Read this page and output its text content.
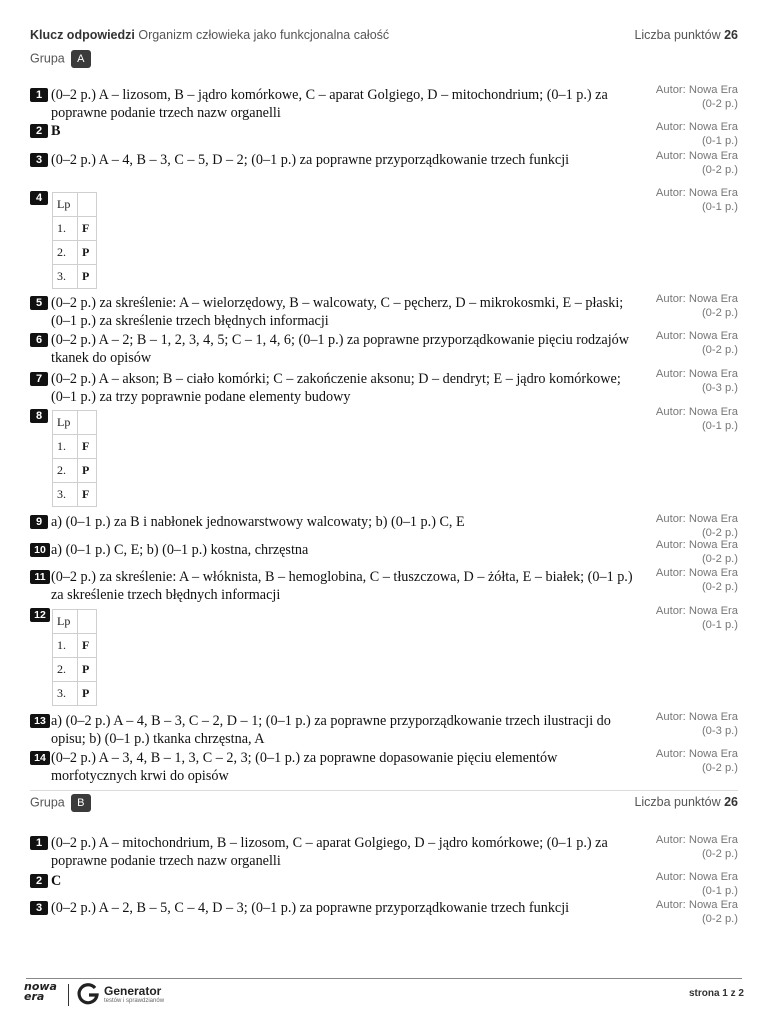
Klucz odpowiedzi Organizm człowieka jako funkcjonalna całość	Liczba punktów 26
Grupa A
1 (0–2 p.) A – lizosom, B – jądro komórkowe, C – aparat Golgiego, D – mitochondrium; (0–1 p.) za poprawne podanie trzech nazw organelli
Autor: Nowa Era
(0-2 p.)
2 B	Autor: Nowa Era
(0-1 p.)
3 (0–2 p.) A – 4, B – 3, C – 5, D – 2; (0–1 p.) za poprawne przyporządkowanie trzech funkcji	Autor: Nowa Era
(0-2 p.)
4	Lp	
1.	F
2.	P
3.	P
Autor: Nowa Era
(0-1 p.)
5 (0–2 p.) za skreślenie: A – wielorzędowy, B – walcowaty, C – pęcherz, D – mikrokosmki, E – płaski; (0–1 p.) za skreślenie trzech błędnych informacji
Autor: Nowa Era
(0-2 p.)
6 (0–2 p.) A – 2; B – 1, 2, 3, 4, 5; C – 1, 4, 6; (0–1 p.) za poprawne przyporządkowanie pięciu rodzajów tkanek do opisów
Autor: Nowa Era
(0-2 p.)
7 (0–2 p.) A – akson; B – ciało komórki; C – zakończenie aksonu; D – dendryt; E – jądro komórkowe; (0–1 p.) za trzy poprawnie podane elementy budowy
Autor: Nowa Era
(0-3 p.)
8	Lp	
1.	F
2.	P
3.	F
Autor: Nowa Era
(0-1 p.)
9 a) (0–1 p.) za B i nabłonek jednowarstwowy walcowaty; b) (0–1 p.) C, E	Autor: Nowa Era
(0-2 p.)
10 a) (0–1 p.) C, E; b) (0–1 p.) kostna, chrzęstna	Autor: Nowa Era
(0-2 p.)
11 (0–2 p.) za skreślenie: A – włóknista, B – hemoglobina, C – tłuszczowa, D – żółta, E – białek; (0–1 p.) za skreślenie trzech błędnych informacji
Autor: Nowa Era
(0-2 p.)
12 Lp	
1.	F
2.	P
3.	P
Autor: Nowa Era
(0-1 p.)
13 a) (0–2 p.) A – 4, B – 3, C – 2, D – 1; (0–1 p.) za poprawne przyporządkowanie trzech ilustracji do opisu; b) (0–1 p.) tkanka chrzęstna, A
Autor: Nowa Era
(0-3 p.)
14 (0–2 p.) A – 3, 4, B – 1, 3, C – 2, 3; (0–1 p.) za poprawne dopasowanie pięciu elementów morfotycznych krwi do opisów
Autor: Nowa Era
(0-2 p.)
Grupa B	Liczba punktów 26
1 (0–2 p.) A – mitochondrium, B – lizosom, C – aparat Golgiego, D – jądro komórkowe; (0–1 p.) za poprawne podanie trzech nazw organelli
Autor: Nowa Era
(0-2 p.)
2 C	Autor: Nowa Era
(0-1 p.)
3 (0–2 p.) A – 2, B – 5, C – 4, D – 3; (0–1 p.) za poprawne przyporządkowanie trzech funkcji	Autor: Nowa Era
(0-2 p.)
nowa era	Generator
testów i sprawdzianów
strona 1 z 2
